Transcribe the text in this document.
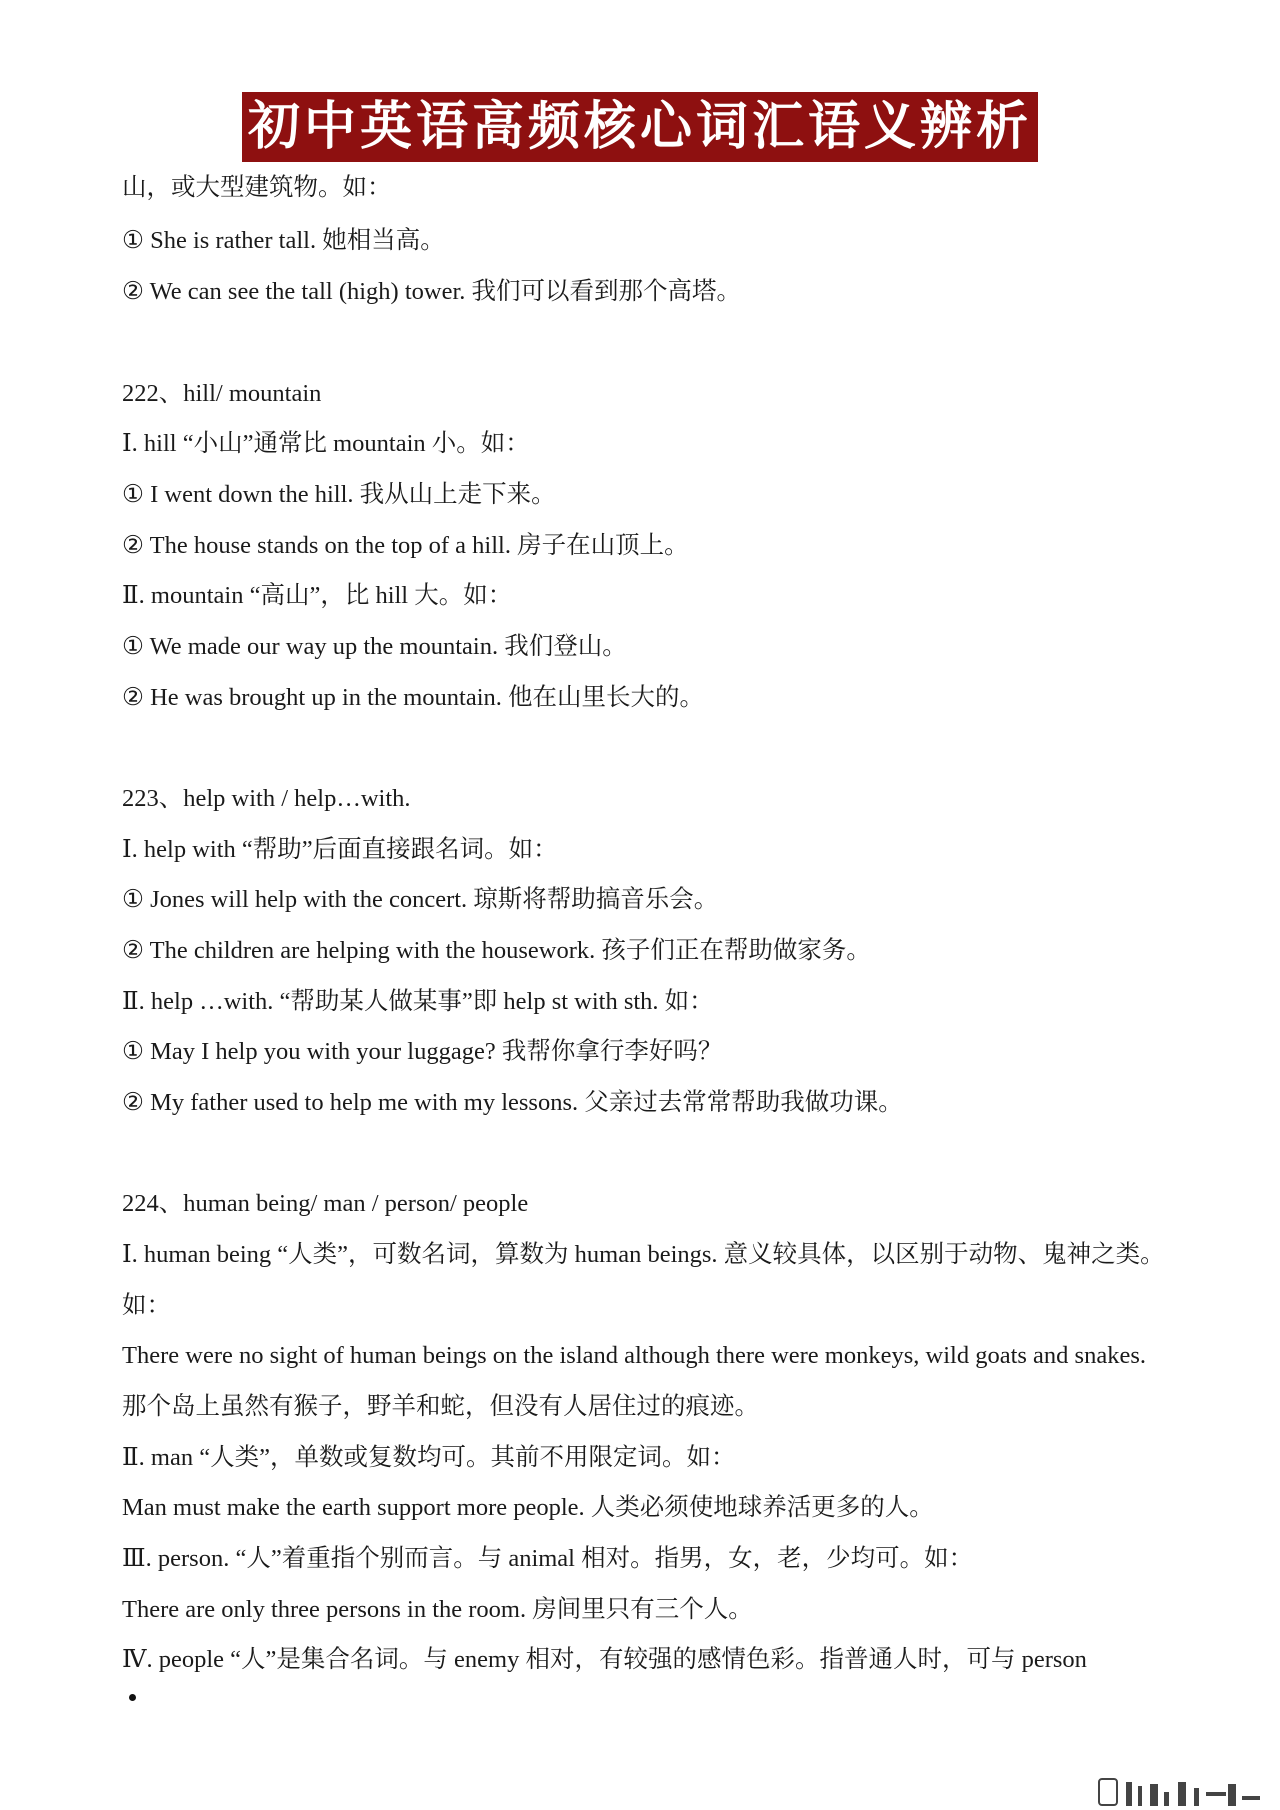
初中英语高频核心词汇语义辨析
山，或大型建筑物。如：
① She is rather tall. 她相当高。
② We can see the tall (high) tower. 我们可以看到那个高塔。
222、hill/ mountain
Ⅰ. hill “小山”通常比 mountain 小。如：
① I went down the hill. 我从山上走下来。
② The house stands on the top of a hill. 房子在山顶上。
Ⅱ. mountain “高山”，比 hill 大。如：
① We made our way up the mountain. 我们登山。
② He was brought up in the mountain. 他在山里长大的。
223、help with / help…with.
Ⅰ. help with “帮助”后面直接跟名词。如：
① Jones will help with the concert. 琼斯将帮助搞音乐会。
② The children are helping with the housework. 孩子们正在帮助做家务。
Ⅱ. help …with. “帮助某人做某事”即 help st with sth. 如：
① May I help you with your luggage? 我帮你拿行李好吗？
② My father used to help me with my lessons. 父亲过去常常帮助我做功课。
224、human being/ man / person/ people
Ⅰ. human being “人类”，可数名词，算数为 human beings. 意义较具体，以区别于动物、鬼神之类。如：
There were no sight of human beings on the island although there were monkeys, wild goats and snakes. 那个岛上虽然有猴子，野羊和蛇，但没有人居住过的痕迹。
Ⅱ. man “人类”，单数或复数均可。其前不用限定词。如：
Man must make the earth support more people. 人类必须使地球养活更多的人。
Ⅲ. person. “人”着重指个别而言。与 animal 相对。指男，女，老，少均可。如：
There are only three persons in the room. 房间里只有三个人。
Ⅳ. people “人”是集合名词。与 enemy 相对，有较强的感情色彩。指普通人时，可与 person
